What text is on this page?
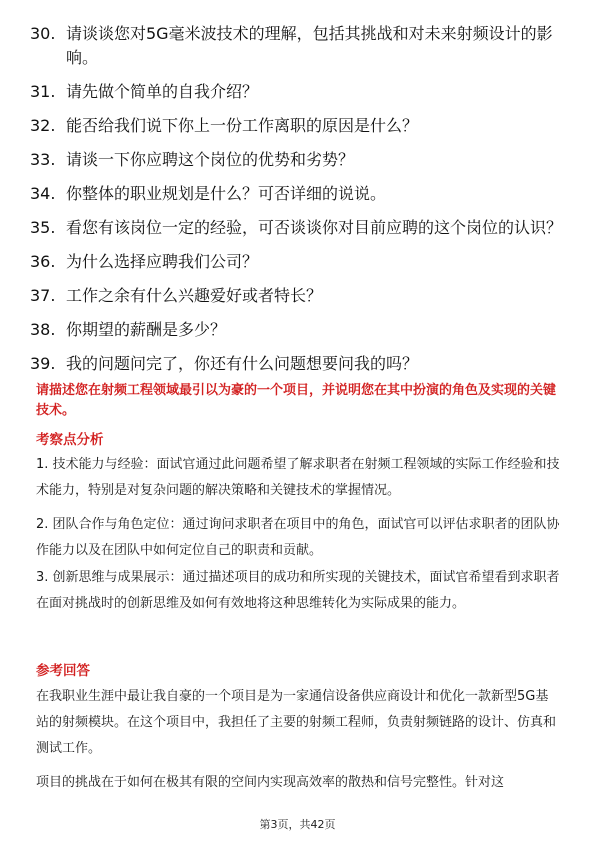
30. 请谈谈您对5G毫米波技术的理解，包括其挑战和对未来射频设计的影响。
31. 请先做个简单的自我介绍？
32. 能否给我们说下你上一份工作离职的原因是什么？
33. 请谈一下你应聘这个岗位的优势和劣势？
34. 你整体的职业规划是什么？可否详细的说说。
35. 看您有该岗位一定的经验，可否谈谈你对目前应聘的这个岗位的认识？
36. 为什么选择应聘我们公司？
37. 工作之余有什么兴趣爱好或者特长？
38. 你期望的薪酬是多少？
39. 我的问题问完了，你还有什么问题想要问我的吗？
请描述您在射频工程领域最引以为豪的一个项目，并说明您在其中扮演的角色及实现的关键技术。
考察点分析
1. 技术能力与经验：面试官通过此问题希望了解求职者在射频工程领域的实际工作经验和技术能力，特别是对复杂问题的解决策略和关键技术的掌握情况。
2. 团队合作与角色定位：通过询问求职者在项目中的角色，面试官可以评估求职者的团队协作能力以及在团队中如何定位自己的职责和贡献。
3. 创新思维与成果展示：通过描述项目的成功和所实现的关键技术，面试官希望看到求职者在面对挑战时的创新思维及如何有效地将这种思维转化为实际成果的能力。
参考回答
在我职业生涯中最让我自豪的一个项目是为一家通信设备供应商设计和优化一款新型5G基站的射频模块。在这个项目中，我担任了主要的射频工程师，负责射频链路的设计、仿真和测试工作。
项目的挑战在于如何在极其有限的空间内实现高效率的散热和信号完整性。针对这
第3页，共42页
